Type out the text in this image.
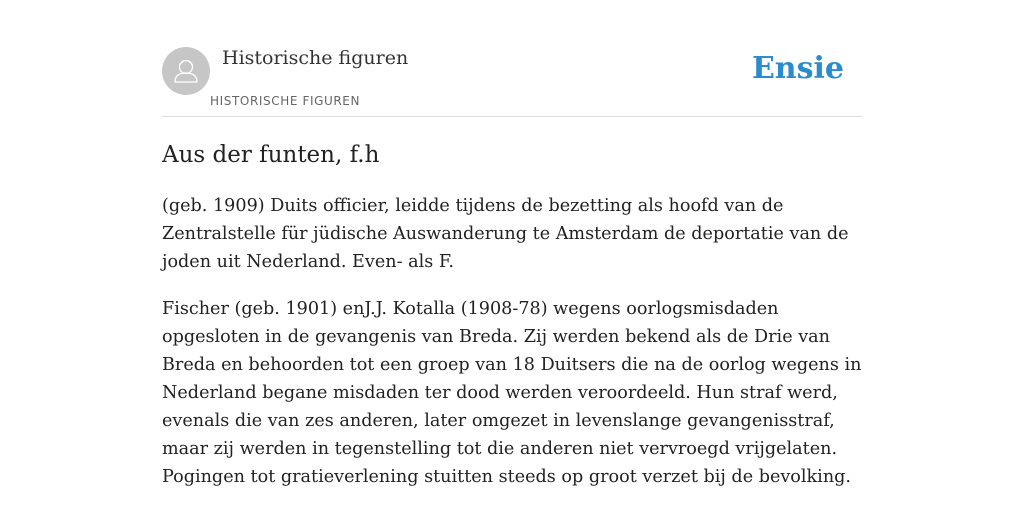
Historische figuren
HISTORISCHE FIGUREN
Ensie
Aus der funten, f.h

(geb. 1909) Duits officier, leidde tijdens de bezetting als hoofd van de Zentralstelle für jüdische Auswanderung te Amsterdam de deportatie van de joden uit Nederland. Even- als F.

Fischer (geb. 1901) enJ.J. Kotalla (1908-78) wegens oorlogsmisdaden opgesloten in de gevangenis van Breda. Zij werden bekend als de Drie van Breda en behoorden tot een groep van 18 Duitsers die na de oorlog wegens in Nederland begane misdaden ter dood werden veroordeeld. Hun straf werd, evenals die van zes anderen, later omgezet in levenslange gevangenisstraf, maar zij werden in tegenstelling tot die anderen niet vervroegd vrijgelaten. Pogingen tot gratieverlening stuitten steeds op groot verzet bij de bevolking.
